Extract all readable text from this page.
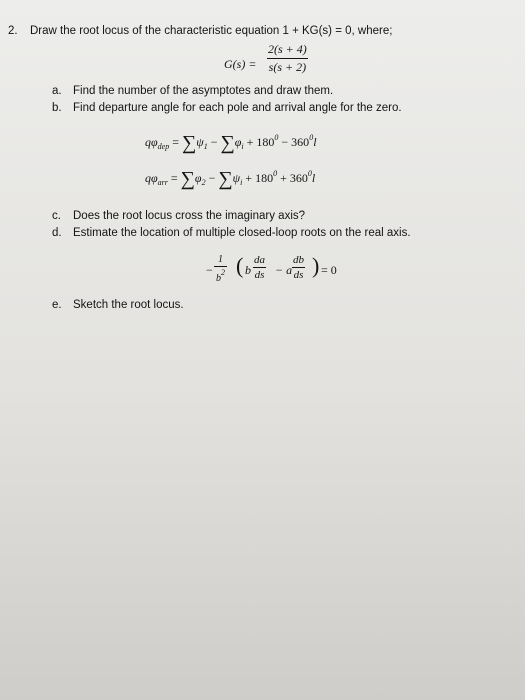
2. Draw the root locus of the characteristic equation 1 + KG(s) = 0, where;
$G(s) = \frac{2(s + 4)}{s(s + 2)}$
a. Find the number of the asymptotes and draw them.
b. Find departure angle for each pole and arrival angle for the zero.
$q\varphi_{dep} = \sum\psi_1 - \sum\varphi_i + 180^0 - 360^0l$
$q\varphi_{arr} = \sum\varphi_2 - \sum\psi_i + 180^0 + 360^0l$
c. Does the root locus cross the imaginary axis?
d. Estimate the location of multiple closed-loop roots on the real axis.
− $\frac{1}{b^2}$ ( b $\frac{da}{ds} - a$
$\frac{db}{ds}$ ) = 0
e. Sketch the root locus.
